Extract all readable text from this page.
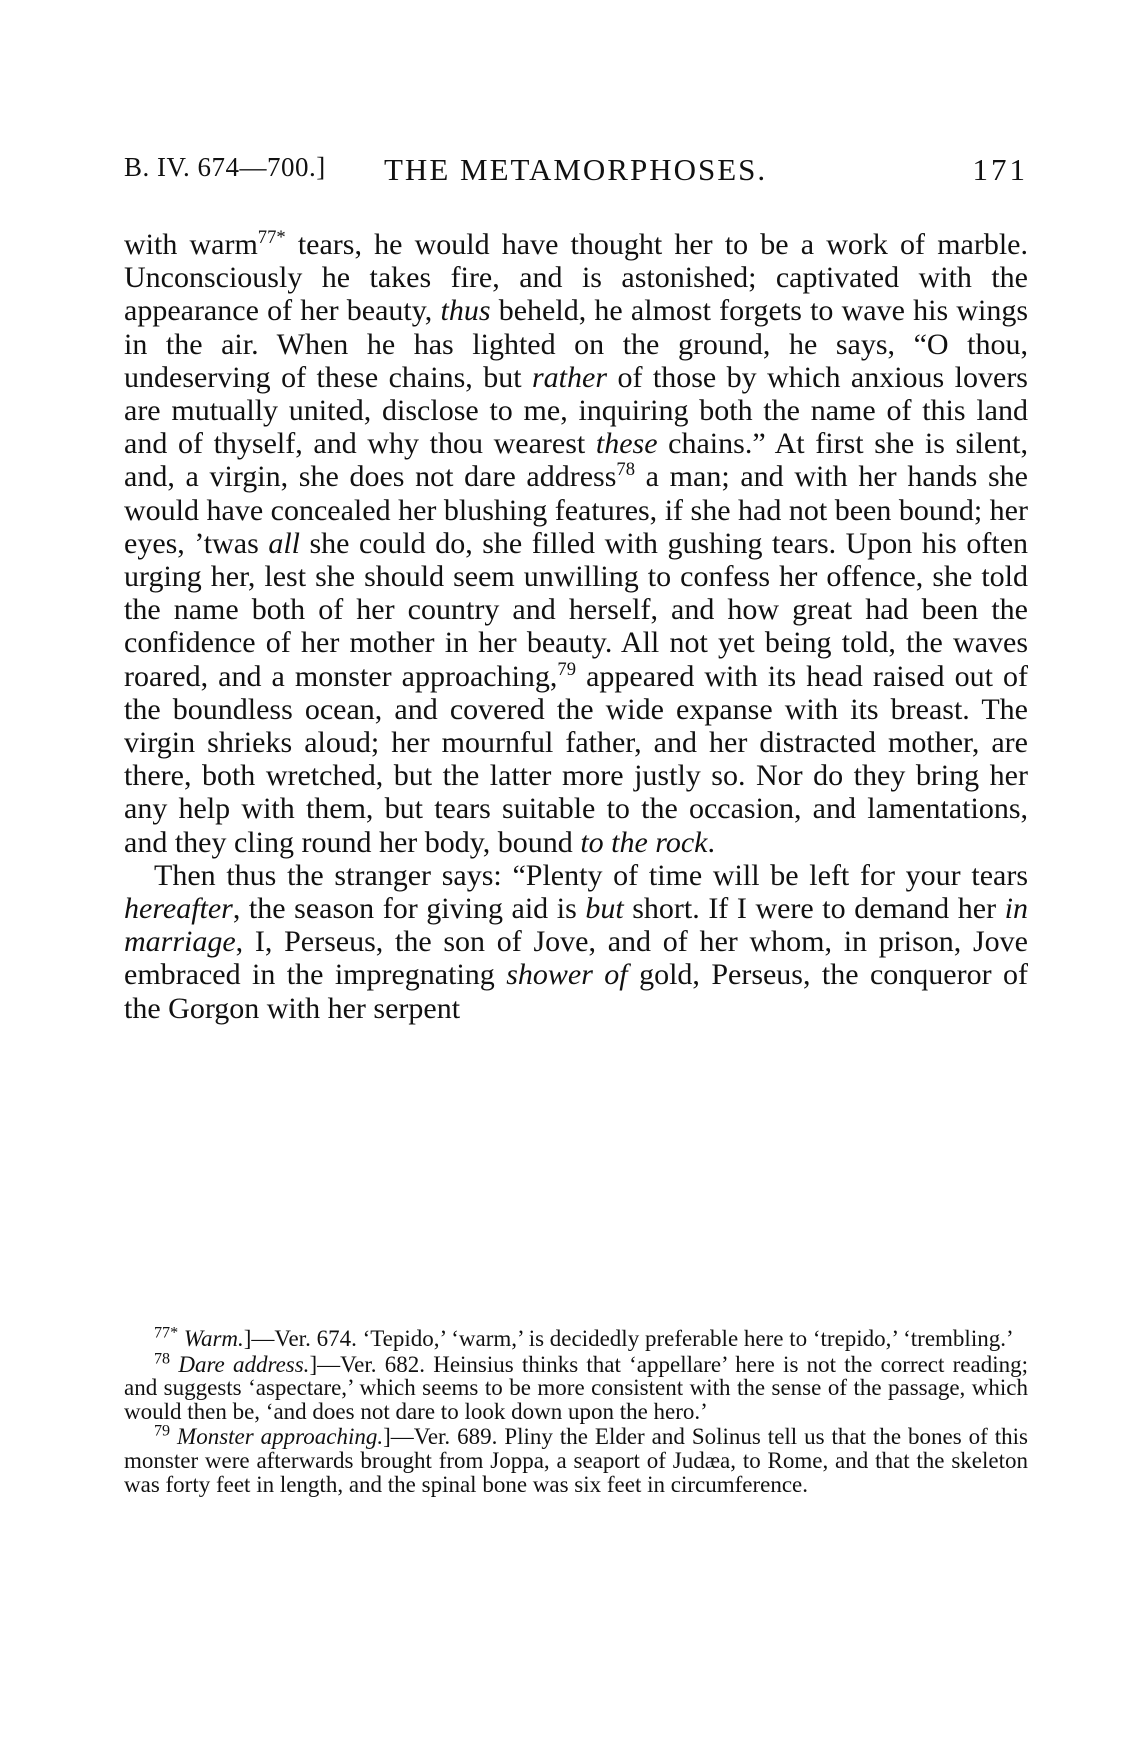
B. IV. 674—700.] THE METAMORPHOSES.	171

with warm$^{77*}$ tears, he would have thought her to be a work of marble. Unconsciously he takes fire, and is astonished; captivated with the appearance of her beauty, thus beheld, he almost forgets to wave his wings in the air. When he has lighted on the ground, he says, “O thou, undeserving of these chains, but rather of those by which anxious lovers are mutually united, disclose to me, inquiring both the name of this land and of thyself, and why thou wearest these chains.” At first she is silent, and, a virgin, she does not dare address$^{78}$ a man; and with her hands she would have concealed her blushing features, if she had not been bound; her eyes, ’twas all she could do, she filled with gushing tears. Upon his often urging her, lest she should seem unwilling to confess her offence, she told the name both of her country and herself, and how great had been the confidence of her mother in her beauty. All not yet being told, the waves roared, and a monster approaching,$^{79}$ appeared with its head raised out of the boundless ocean, and covered the wide expanse with its breast. The virgin shrieks aloud; her mournful father, and her distracted mother, are there, both wretched, but the latter more justly so. Nor do they bring her any help with them, but tears suitable to the occasion, and lamentations, and they cling round her body, bound to the rock.

Then thus the stranger says: “Plenty of time will be left for your tears hereafter, the season for giving aid is but short. If I were to demand her in marriage, I, Perseus, the son of Jove, and of her whom, in prison, Jove embraced in the impregnating shower of gold, Perseus, the conqueror of the Gorgon with her serpent

$^{77*}$ Warm.]—Ver. 674. ‘Tepido,’ ‘warm,’ is decidedly preferable here to ‘trepido,’ ‘trembling.’

$^{78}$ Dare address.]—Ver. 682. Heinsius thinks that ‘appellare’ here is not the correct reading; and suggests ‘aspectare,’ which seems to be more consistent with the sense of the passage, which would then be, ‘and does not dare to look down upon the hero.’

$^{79}$ Monster approaching.]—Ver. 689. Pliny the Elder and Solinus tell us that the bones of this monster were afterwards brought from Joppa, a seaport of Judæa, to Rome, and that the skeleton was forty feet in length, and the spinal bone was six feet in circumference.
